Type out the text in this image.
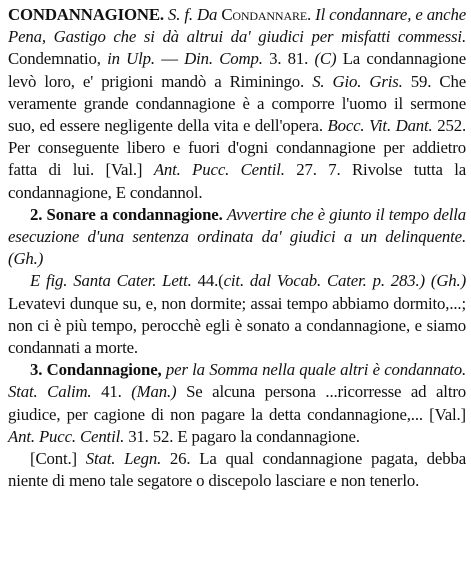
CONDANNAGIONE. S. f. Da Condannare. Il condannare, e anche Pena, Gastigo che si dà altrui da' giudici per misfatti commessi. Condemnatio, in Ulp. — Din. Comp. 3. 81. (C) La condannagione levò loro, e' prigioni mandò a Riminingo. S. Gio. Gris. 59. Che veramente grande condannagione è a comporre l'uomo il sermone suo, ed essere negligente della vita e dell'opera. Bocc. Vit. Dant. 252. Per conseguente libero e fuori d'ogni condannagione per addietro fatta di lui. [Val.] Ant. Pucc. Centil. 27. 7. Rivolse tutta la condannagione, E condannol.

2. Sonare a condannagione. Avvertire che è giunto il tempo della esecuzione d'una sentenza ordinata da' giudici a un delinquente. (Gh.)

E fig. Santa Cater. Lett. 44.(cit. dal Vocab. Cater. p. 283.) (Gh.) Levatevi dunque su, e, non dormite; assai tempo abbiamo dormito,...; non ci è più tempo, perocchè egli è sonato a condannagione, e siamo condannati a morte.

3. Condannagione, per la Somma nella quale altri è condannato. Stat. Calim. 41. (Man.) Se alcuna persona ...ricorresse ad altro giudice, per cagione di non pagare la detta condannagione,... [Val.] Ant. Pucc. Centil. 31. 52. E pagaro la condannagione.

[Cont.] Stat. Legn. 26. La qual condannagione pagata, debba niente di meno tale segatore o discepolo lasciare e non tenerlo.
